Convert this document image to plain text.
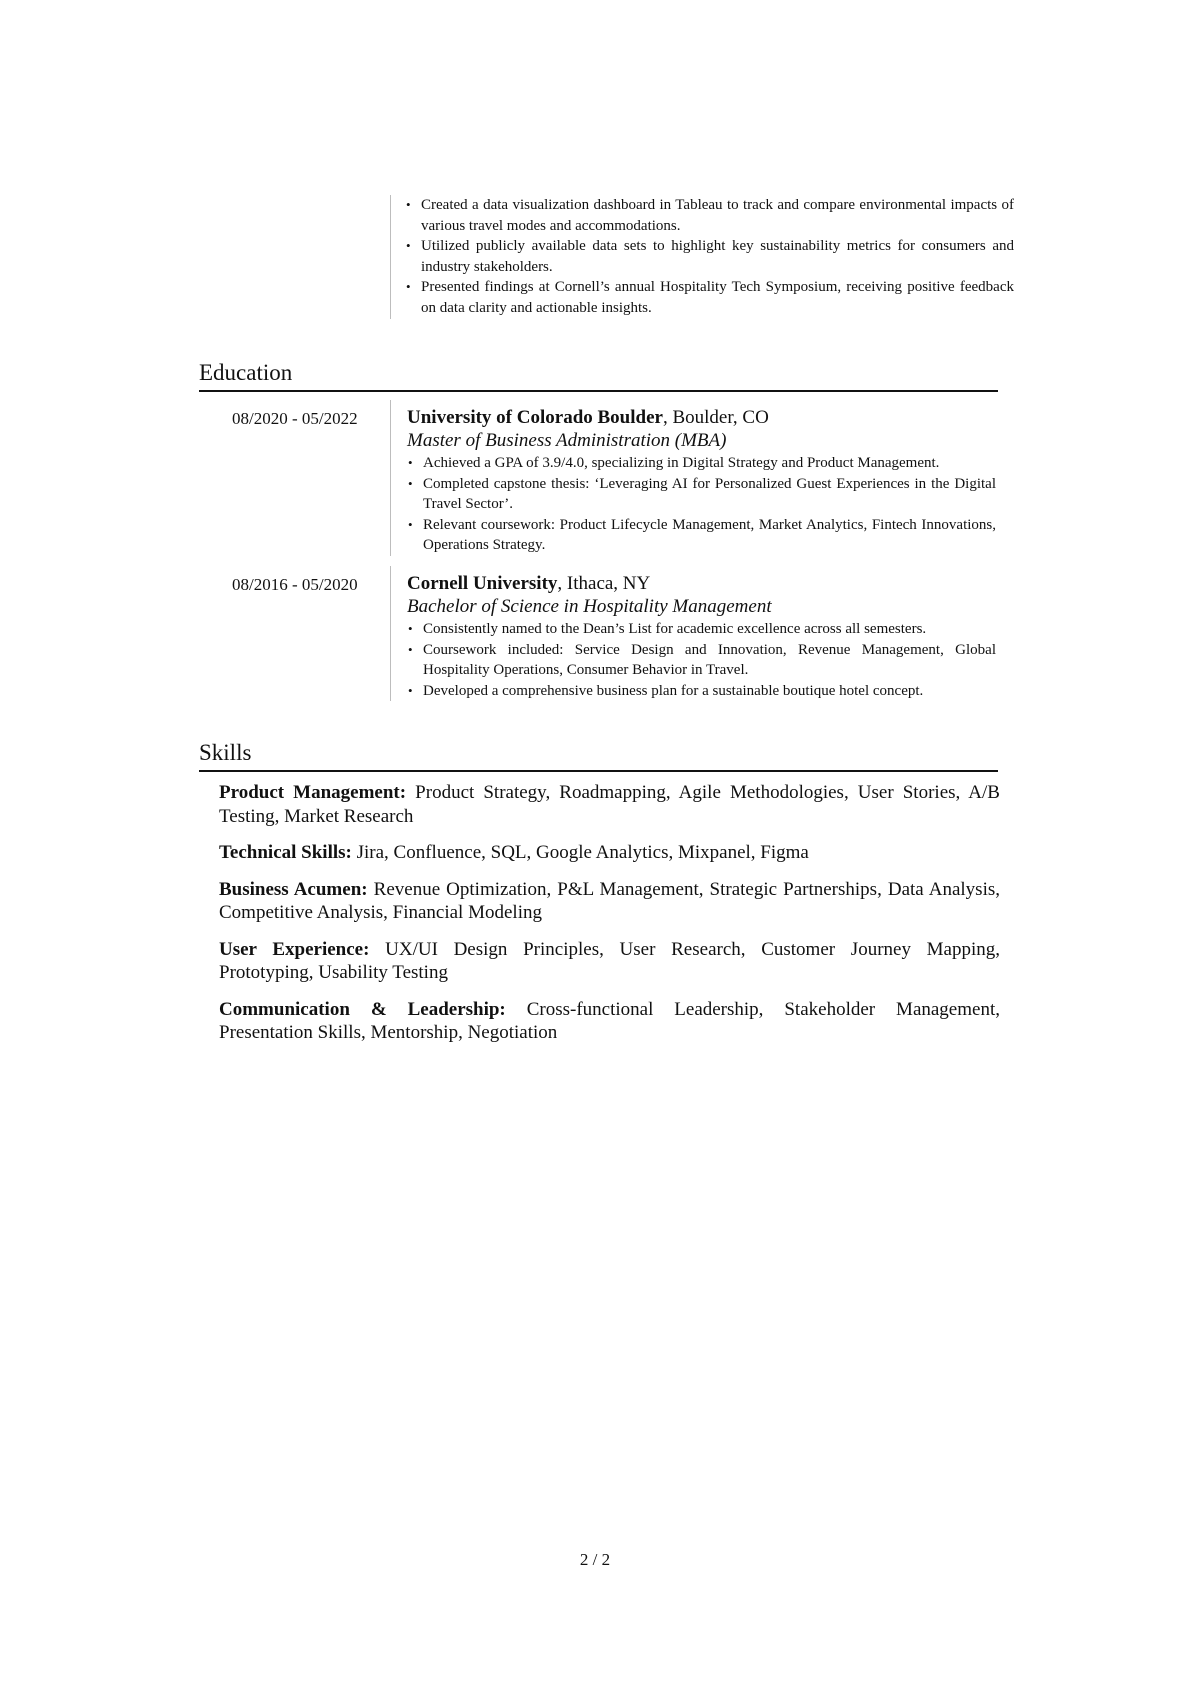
• Created a data visualization dashboard in Tableau to track and compare environmental impacts of various travel modes and accommodations.
• Utilized publicly available data sets to highlight key sustainability metrics for consumers and industry stakeholders.
• Presented findings at Cornell’s annual Hospitality Tech Symposium, receiving positive feedback on data clarity and actionable insights.
Education
08/2020 - 05/2022	University of Colorado Boulder, Boulder, CO
Master of Business Administration (MBA)
• Achieved a GPA of 3.9/4.0, specializing in Digital Strategy and Product Management.
• Completed capstone thesis: ‘Leveraging AI for Personalized Guest Experiences in the Digital Travel Sector’.
• Relevant coursework: Product Lifecycle Management, Market Analytics, Fintech Innovations, Operations Strategy.
08/2016 - 05/2020	Cornell University, Ithaca, NY
Bachelor of Science in Hospitality Management
• Consistently named to the Dean’s List for academic excellence across all semesters.
• Coursework included: Service Design and Innovation, Revenue Management, Global Hospitality Operations, Consumer Behavior in Travel.
• Developed a comprehensive business plan for a sustainable boutique hotel concept.
Skills
Product Management: Product Strategy, Roadmapping, Agile Methodologies, User Stories, A/B Testing, Market Research
Technical Skills: Jira, Confluence, SQL, Google Analytics, Mixpanel, Figma
Business Acumen: Revenue Optimization, P&L Management, Strategic Partnerships, Data Analysis, Competitive Analysis, Financial Modeling
User Experience: UX/UI Design Principles, User Research, Customer Journey Mapping, Prototyping, Usability Testing
Communication & Leadership: Cross-functional Leadership, Stakeholder Management, Presentation Skills, Mentorship, Negotiation
2 / 2
